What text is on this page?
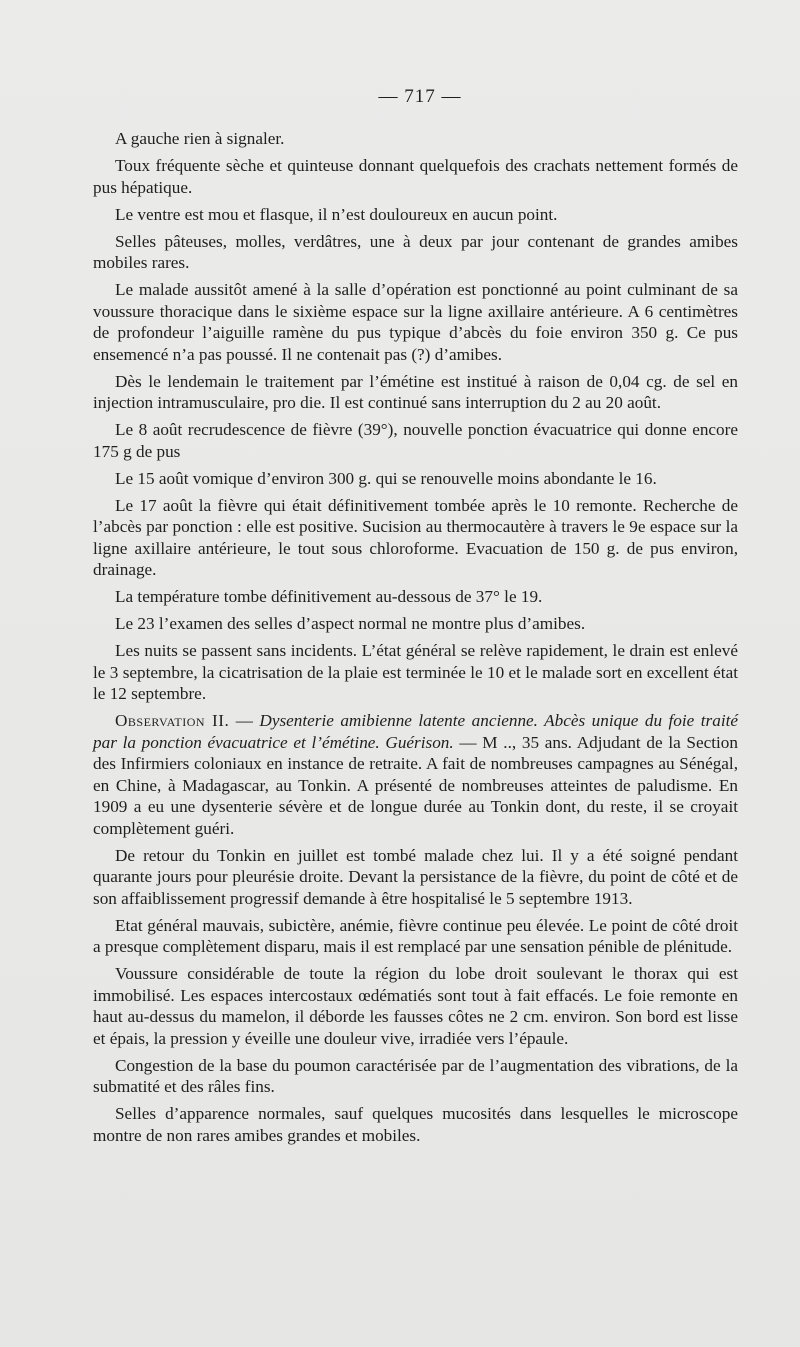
— 717 —

A gauche rien à signaler.

Toux fréquente sèche et quinteuse donnant quelquefois des crachats nettement formés de pus hépatique.

Le ventre est mou et flasque, il n’est douloureux en aucun point.

Selles pâteuses, molles, verdâtres, une à deux par jour contenant de grandes amibes mobiles rares.

Le malade aussitôt amené à la salle d’opération est ponctionné au point culminant de sa voussure thoracique dans le sixième espace sur la ligne axillaire antérieure. A 6 centimètres de profondeur l’aiguille ramène du pus typique d’abcès du foie environ 350 g. Ce pus ensemencé n’a pas poussé. Il ne contenait pas (?) d’amibes.

Dès le lendemain le traitement par l’émétine est institué à raison de 0,04 cg. de sel en injection intramusculaire, pro die. Il est continué sans interruption du 2 au 20 août.

Le 8 août recrudescence de fièvre (39°), nouvelle ponction évacuatrice qui donne encore 175 g de pus

Le 15 août vomique d’environ 300 g. qui se renouvelle moins abondante le 16.

Le 17 août la fièvre qui était définitivement tombée après le 10 remonte. Recherche de l’abcès par ponction : elle est positive. Sucision au thermocautère à travers le 9e espace sur la ligne axillaire antérieure, le tout sous chloroforme. Evacuation de 150 g. de pus environ, drainage.

La température tombe définitivement au-dessous de 37° le 19.

Le 23 l’examen des selles d’aspect normal ne montre plus d’amibes.

Les nuits se passent sans incidents. L’état général se relève rapidement, le drain est enlevé le 3 septembre, la cicatrisation de la plaie est terminée le 10 et le malade sort en excellent état le 12 septembre.

Observation II. — Dysenterie amibienne latente ancienne. Abcès unique du foie traité par la ponction évacuatrice et l’émétine. Guérison. — M .., 35 ans. Adjudant de la Section des Infirmiers coloniaux en instance de retraite. A fait de nombreuses campagnes au Sénégal, en Chine, à Madagascar, au Tonkin. A présenté de nombreuses atteintes de paludisme. En 1909 a eu une dysenterie sévère et de longue durée au Tonkin dont, du reste, il se croyait complètement guéri.

De retour du Tonkin en juillet est tombé malade chez lui. Il y a été soigné pendant quarante jours pour pleurésie droite. Devant la persistance de la fièvre, du point de côté et de son affaiblissement progressif demande à être hospitalisé le 5 septembre 1913.

Etat général mauvais, subictère, anémie, fièvre continue peu élevée. Le point de côté droit a presque complètement disparu, mais il est remplacé par une sensation pénible de plénitude.

Voussure considérable de toute la région du lobe droit soulevant le thorax qui est immobilisé. Les espaces intercostaux œdématiés sont tout à fait effacés. Le foie remonte en haut au-dessus du mamelon, il déborde les fausses côtes ne 2 cm. environ. Son bord est lisse et épais, la pression y éveille une douleur vive, irradiée vers l’épaule.

Congestion de la base du poumon caractérisée par de l’augmentation des vibrations, de la submatité et des râles fins.

Selles d’apparence normales, sauf quelques mucosités dans lesquelles le microscope montre de non rares amibes grandes et mobiles.
